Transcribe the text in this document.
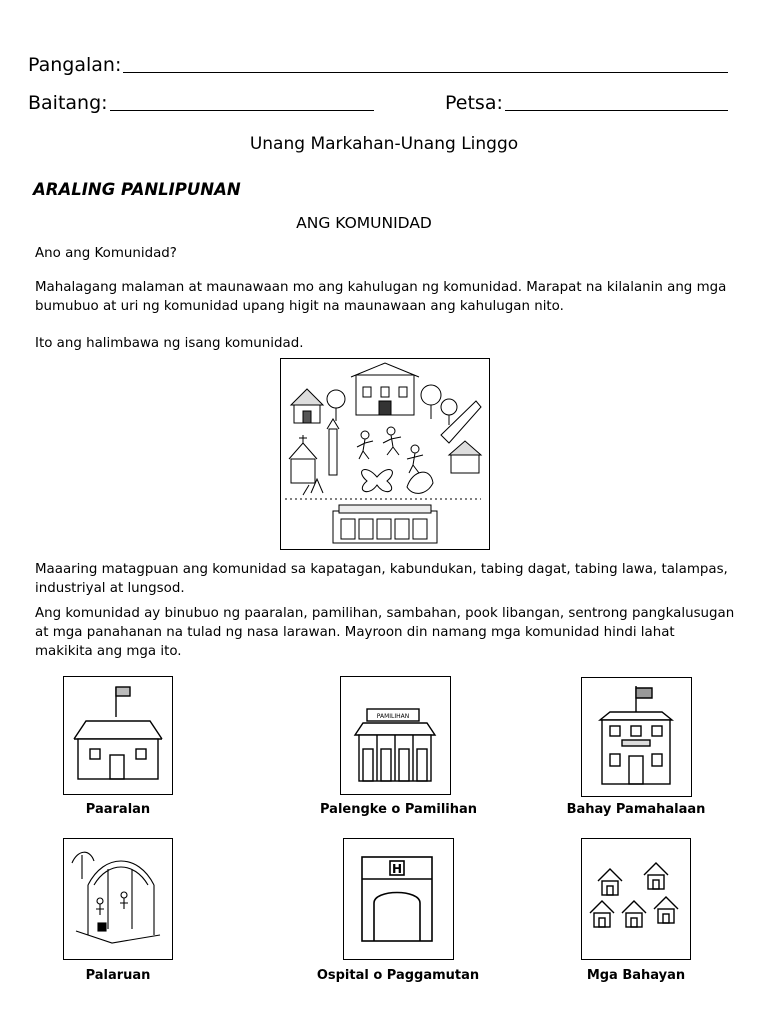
Pangalan:
Baitang:	Petsa:
Unang Markahan-Unang Linggo
ARALING PANLIPUNAN
ANG KOMUNIDAD
Ano ang Komunidad?
Mahalagang malaman at maunawaan mo ang kahulugan ng komunidad. Marapat na kilalanin ang mga bumubuo at uri ng komunidad upang higit na maunawaan ang kahulugan nito.
Ito ang halimbawa ng isang komunidad.
Maaaring matagpuan ang komunidad sa kapatagan, kabundukan, tabing dagat, tabing lawa, talampas, industriyal at lungsod.
Ang komunidad ay binubuo ng paaralan, pamilihan, sambahan, pook libangan, sentrong pangkalusugan at mga panahanan na tulad ng nasa larawan. Mayroon din namang mga komunidad hindi lahat makikita ang mga ito.
Paaralan
PAMILIHAN
Palengke o Pamilihan	Bahay Pamahalaan
Palaruan
H
Ospital o Paggamutan	Mga Bahayan
